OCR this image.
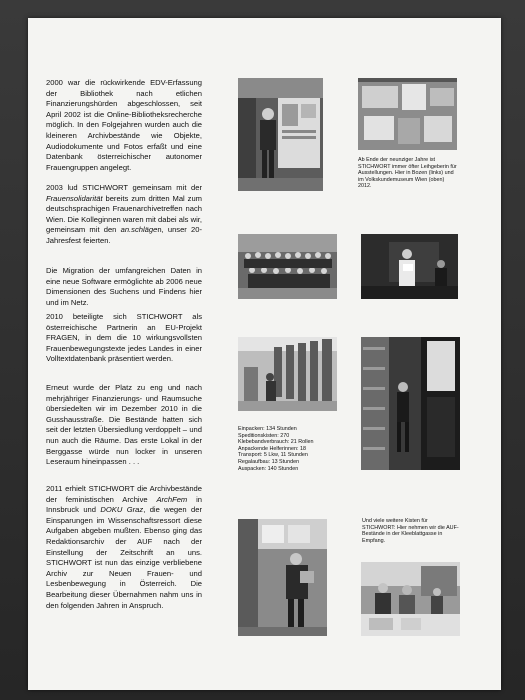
2000 war die rückwirkende EDV-Erfassung der Bibliothek nach etlichen Finanzierungshürden abgeschlossen, seit April 2002 ist die Online-Bibliotheksrecherche möglich. In den Folgejahren wurden auch die kleineren Archivbestände wie Objekte, Audiodokumente und Fotos erfaßt und eine Datenbank österreichischer autonomer Frauengruppen angelegt.

2003 lud STICHWORT gemeinsam mit der Frauensolidarität bereits zum dritten Mal zum deutschsprachigen Frauenarchivetreffen nach Wien. Die Kolleginnen waren mit dabei als wir, gemeinsam mit den an.schlägen, unser 20-Jahresfest feierten.

Die Migration der umfangreichen Daten in eine neue Software ermöglichte ab 2006 neue Dimensionen des Suchens und Findens hier und im Netz.

2010 beteiligte sich STICHWORT als österreichische Partnerin an EU-Projekt FRAGEN, in dem die 10 wirkungsvollsten Frauenbewegungstexte jedes Landes in einer Volltextdatenbank präsentiert werden.

Erneut wurde der Platz zu eng und nach mehrjähriger Finanzierungs- und Raumsuche übersiedelten wir im Dezember 2010 in die Gusshausstraße. Die Bestände hatten sich seit der letzten Übersiedlung verdoppelt – und nun auch die Räume. Das erste Lokal in der Berggasse würde nun locker in unseren Leseraum hineinpassen . . .

2011 erhielt STICHWORT die Archivbestände der feministischen Archive ArchFem in Innsbruck und DOKU Graz, die wegen der Einsparungen im Wissenschaftsressort diese Aufgaben abgeben mußten. Ebenso ging das Redaktionsarchiv der AUF nach der Einstellung der Zeitschrift an uns. STICHWORT ist nun das einzige verbliebene Archiv zur Neuen Frauen- und Lesbenbewegung in Österreich. Die Bearbeitung dieser Übernahmen nahm uns in den folgenden Jahren in Anspruch.

Ab Ende der neunziger Jahre ist STICHWORT immer öfter Leihgeberin für Ausstellungen. Hier in Bozen (links) und im Volkskundemuseum Wien (oben) 2012.

Einpacken: 134 Stunden
Speditionskisten: 270
Klebebandverbrauch: 21 Rollen
Anpackende Helferinnen: 18
Transport: 5 Lkw, 11 Stunden
Regalaufbau: 13 Stunden
Auspacken: 140 Stunden

Und viele weitere Kisten für STICHWORT: Hier nehmen wir die AUF-Bestände in der Kleeblattgasse in Empfang.
